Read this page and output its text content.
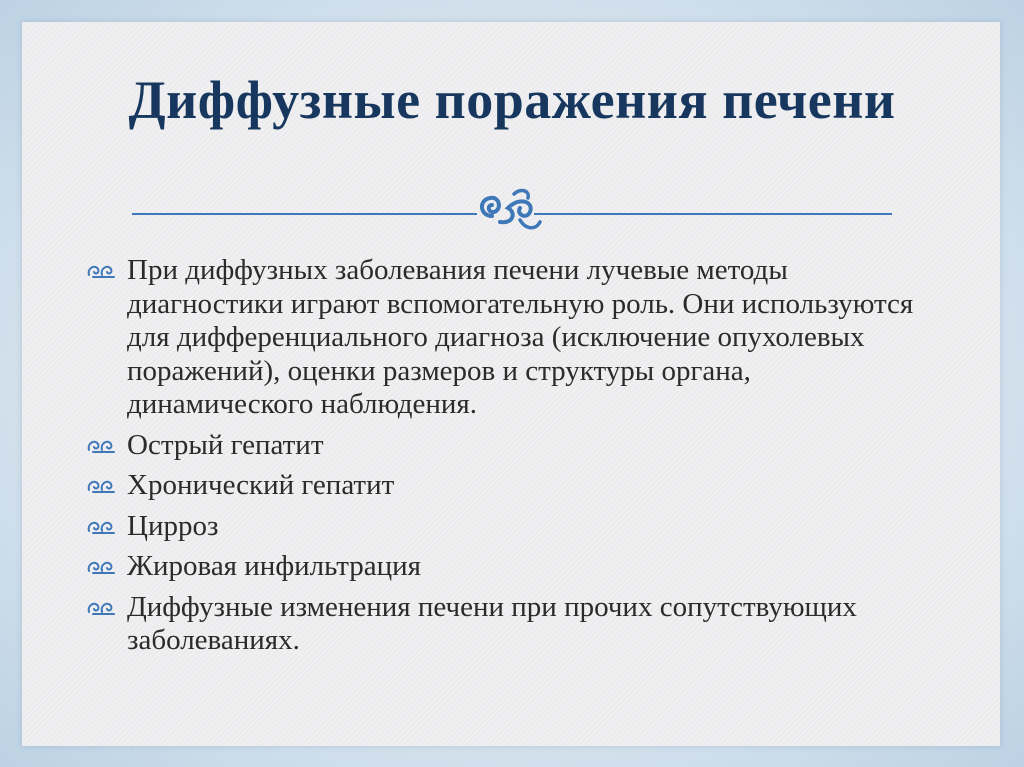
Диффузные поражения печени
При диффузных заболевания печени лучевые методы диагностики играют вспомогательную роль. Они используются для дифференциального диагноза (исключение опухолевых поражений), оценки размеров и структуры органа, динамического наблюдения.
Острый гепатит
Хронический гепатит
Цирроз
Жировая инфильтрация
Диффузные изменения печени при прочих сопутствующих заболеваниях.
